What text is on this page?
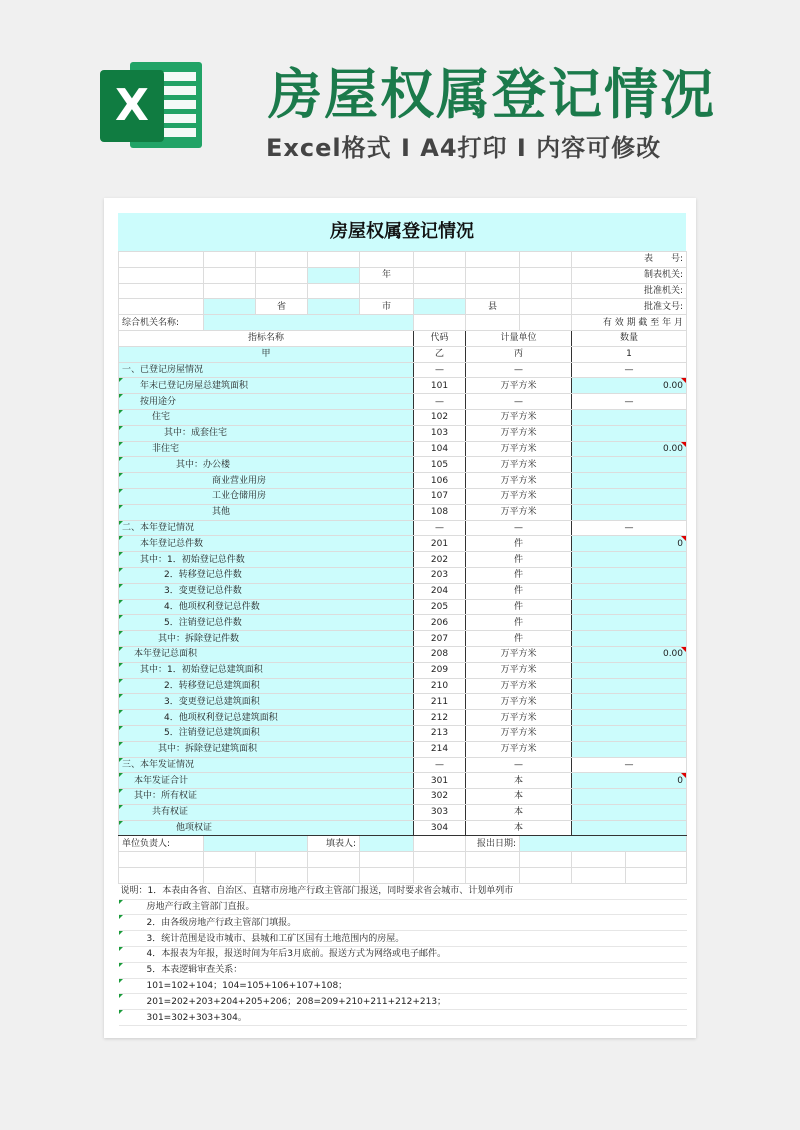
X 房屋权属登记情况
Excel格式 I A4打印 I 内容可修改
房屋权属登记情况
								表　　号:	
				年				制表机关:	
								批准机关:	
		省		市		县		批准文号:	
综合机关名称:								有 效 期 截 至 年 月	
指标名称					代码	计量单位		数量	
甲					乙	丙		1	
一、已登记房屋情况					—	—		—	
年末已登记房屋总建筑面积					101	万平方米		0.00	
按用途分					—	—		—	
住宅					102	万平方米			
其中：成套住宅					103	万平方米			
非住宅					104	万平方米		0.00	
其中：办公楼					105	万平方米			
商业营业用房					106	万平方米			
工业仓储用房					107	万平方米			
其他					108	万平方米			
二、本年登记情况					—	—		—	
本年登记总件数					201	件		0	
其中：1．初始登记总件数					202	件			
2．转移登记总件数					203	件			
3．变更登记总件数					204	件			
4．他项权利登记总件数					205	件			
5．注销登记总件数					206	件			
其中：拆除登记件数					207	件			
本年登记总面积					208	万平方米		0.00	
其中：1．初始登记总建筑面积					209	万平方米			
2．转移登记总建筑面积					210	万平方米			
3．变更登记总建筑面积					211	万平方米			
4．他项权利登记总建筑面积					212	万平方米			
5．注销登记总建筑面积					213	万平方米			
其中：拆除登记建筑面积					214	万平方米			
三、本年发证情况					—	—		—	
本年发证合计					301	本		0	
其中：所有权证					302	本			
共有权证					303	本			
他项权证					304	本			
单位负责人:			填表人:			报出日期:			

说明：1．本表由各省、自治区、直辖市房地产行政主管部门报送，同时要求省会城市、计划单列市									
房地产行政主管部门直报。									
2．由各级房地产行政主管部门填报。									
3．统计范围是设市城市、县城和工矿区国有土地范围内的房屋。									
4．本报表为年报，报送时间为年后3月底前。报送方式为网络或电子邮件。									
5．本表逻辑审查关系：									
101=102+104；104=105+106+107+108；									
201=202+203+204+205+206；208=209+210+211+212+213；									
301=302+303+304。									
